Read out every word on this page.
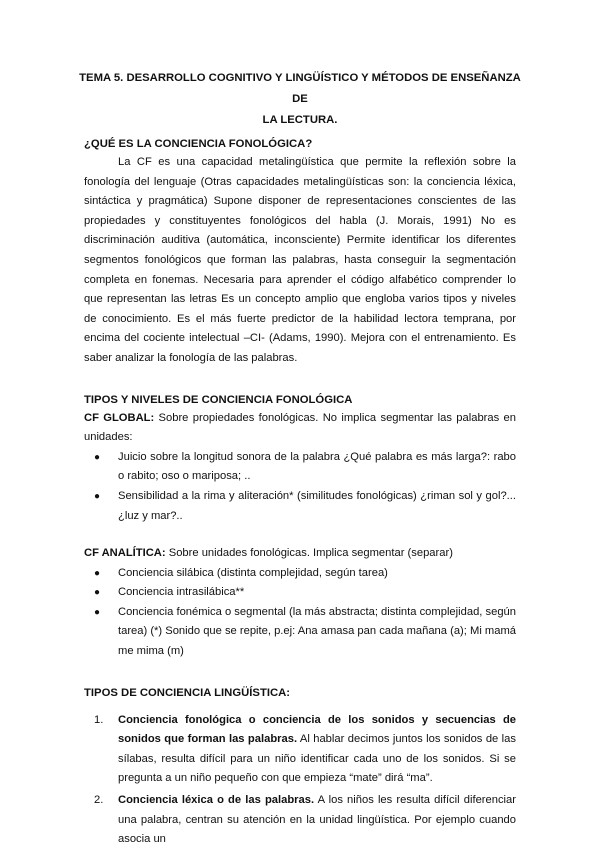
TEMA 5. DESARROLLO COGNITIVO Y LINGÜÍSTICO Y MÉTODOS DE ENSEÑANZA DE
LA LECTURA.
¿QUÉ ES LA CONCIENCIA FONOLÓGICA?

La CF es una capacidad metalingüística que permite la reflexión sobre la fonología del lenguaje (Otras capacidades metalingüísticas son: la conciencia léxica, sintáctica y pragmática) Supone disponer de representaciones conscientes de las propiedades y constituyentes fonológicos del habla (J. Morais, 1991) No es discriminación auditiva (automática, inconsciente) Permite identificar los diferentes segmentos fonológicos que forman las palabras, hasta conseguir la segmentación completa en fonemas. Necesaria para aprender el código alfabético comprender lo que representan las letras Es un concepto amplio que engloba varios tipos y niveles de conocimiento. Es el más fuerte predictor de la habilidad lectora temprana, por encima del cociente intelectual –CI- (Adams, 1990). Mejora con el entrenamiento. Es saber analizar la fonología de las palabras.

TIPOS Y NIVELES DE CONCIENCIA FONOLÓGICA

CF GLOBAL: Sobre propiedades fonológicas. No implica segmentar las palabras en unidades:

● Juicio sobre la longitud sonora de la palabra ¿Qué palabra es más larga?: rabo o rabito; oso o mariposa; ..
● Sensibilidad a la rima y aliteración* (similitudes fonológicas) ¿riman sol y gol?... ¿luz y mar?..

CF ANALÍTICA: Sobre unidades fonológicas. Implica segmentar (separar)

● Conciencia silábica (distinta complejidad, según tarea)
● Conciencia intrasilábica**
● Conciencia fonémica o segmental (la más abstracta; distinta complejidad, según tarea) (*) Sonido que se repite, p.ej: Ana amasa pan cada mañana (a); Mi mamá me mima (m)
TIPOS DE CONCIENCIA LINGÜÍSTICA:
1. Conciencia fonológica o conciencia de los sonidos y secuencias de sonidos que forman las palabras. Al hablar decimos juntos los sonidos de las sílabas, resulta difícil para un niño identificar cada uno de los sonidos. Si se pregunta a un niño pequeño con que empieza “mate” dirá “ma”.
2. Conciencia léxica o de las palabras. A los niños les resulta difícil diferenciar una palabra, centran su atención en la unidad lingüística. Por ejemplo cuando asocia un
